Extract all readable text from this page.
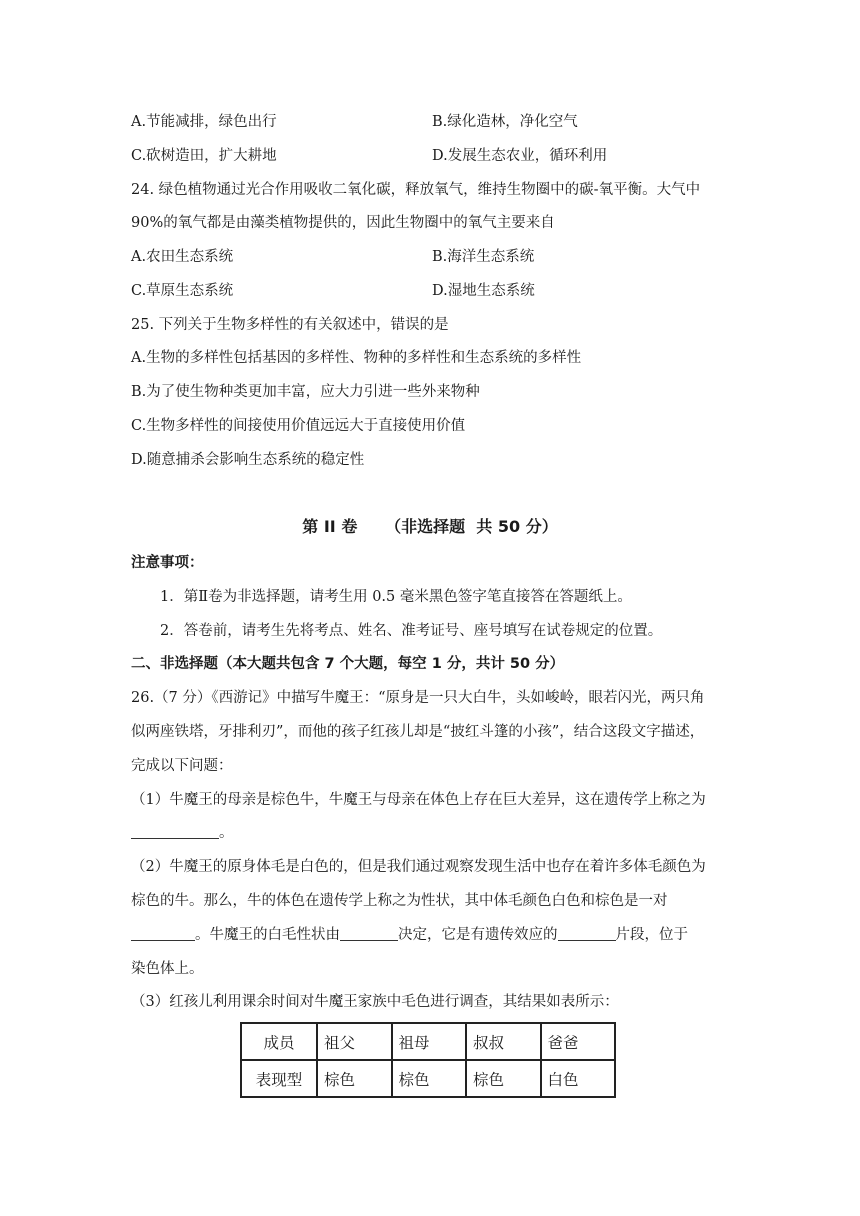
A.节能减排，绿色出行	B.绿化造林，净化空气
C.砍树造田，扩大耕地	D.发展生态农业，循环利用
24. 绿色植物通过光合作用吸收二氧化碳，释放氧气，维持生物圈中的碳-氧平衡。大气中
90%的氧气都是由藻类植物提供的，因此生物圈中的氧气主要来自
A.农田生态系统	B.海洋生态系统
C.草原生态系统	D.湿地生态系统
25. 下列关于生物多样性的有关叙述中，错误的是
A.生物的多样性包括基因的多样性、物种的多样性和生态系统的多样性
B.为了使生物种类更加丰富，应大力引进一些外来物种
C.生物多样性的间接使用价值远远大于直接使用价值
D.随意捕杀会影响生态系统的稳定性
第 II 卷     （非选择题  共 50 分）
注意事项：
1．第Ⅱ卷为非选择题，请考生用 0.5 毫米黑色签字笔直接答在答题纸上。
2．答卷前，请考生先将考点、姓名、准考证号、座号填写在试卷规定的位置。
二、非选择题（本大题共包含 7 个大题，每空 1 分，共计 50 分）
26.（7 分）《西游记》中描写牛魔王：“原身是一只大白牛，头如峻岭，眼若闪光，两只角
似两座铁塔，牙排利刃”，而他的孩子红孩儿却是“披红斗篷的小孩”，结合这段文字描述，
完成以下问题：
（1）牛魔王的母亲是棕色牛，牛魔王与母亲在体色上存在巨大差异，这在遗传学上称之为
。
（2）牛魔王的原身体毛是白色的，但是我们通过观察发现生活中也存在着许多体毛颜色为
棕色的牛。那么，牛的体色在遗传学上称之为性状，其中体毛颜色白色和棕色是一对
。牛魔王的白毛性状由	决定，它是有遗传效应的	片段，位于
染色体上。
（3）红孩儿利用课余时间对牛魔王家族中毛色进行调查，其结果如表所示：
成员	祖父	祖母	叔叔	爸爸
表现型	棕色	棕色	棕色	白色
